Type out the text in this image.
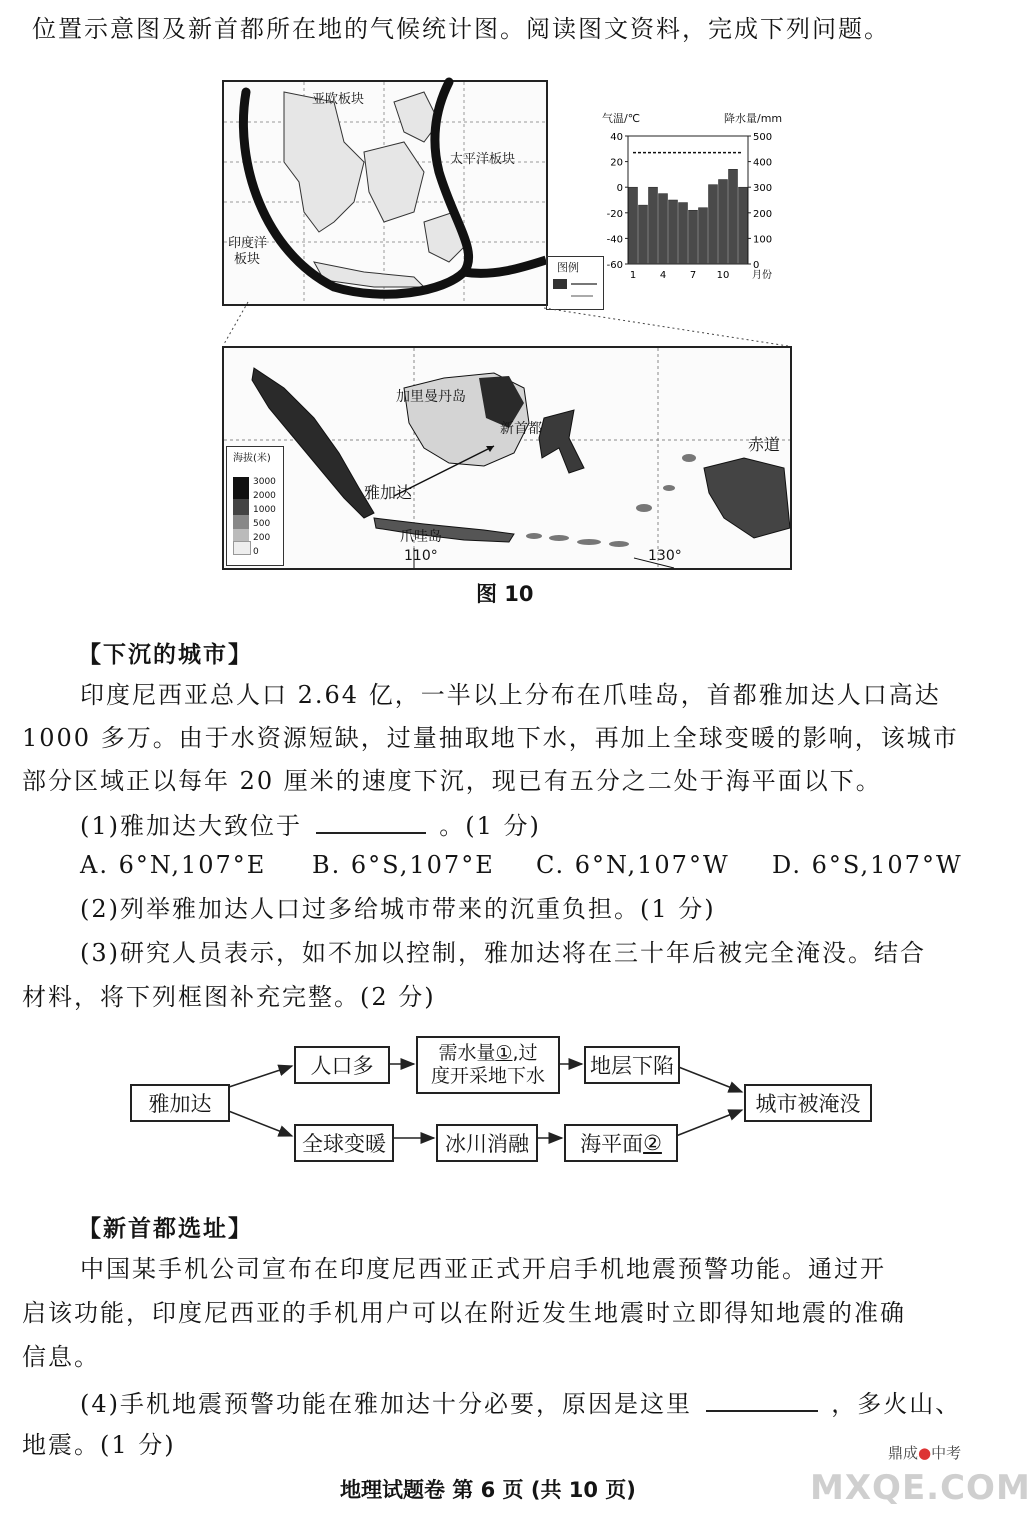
位置示意图及新首都所在地的气候统计图。阅读图文资料，完成下列问题。
亚欧板块
太平洋板块
印度洋
板块
图例
气温/℃	降水量/mm
40
20
0
-20
-40
-60
500
400
300
200
100
0
1 4 7 10 月份
加里曼丹岛
新首都
雅加达
爪哇岛
赤道
110°	130°
海拔(米)
3000
2000
1000
500
200
0
图 10
【下沉的城市】
印度尼西亚总人口 2.64 亿，一半以上分布在爪哇岛，首都雅加达人口高达
1000 多万。由于水资源短缺，过量抽取地下水，再加上全球变暖的影响，该城市
部分区域正以每年 20 厘米的速度下沉，现已有五分之二处于海平面以下。
(1)雅加达大致位于	。(1 分)
A. 6°N,107°E B. 6°S,107°E C. 6°N,107°W D. 6°S,107°W
(2)列举雅加达人口过多给城市带来的沉重负担。(1 分)
(3)研究人员表示，如不加以控制，雅加达将在三十年后被完全淹没。结合
材料，将下列框图补充完整。(2 分)
雅加达
人口多
需水量①,过
度开采地下水 地层下陷
城市被淹没
全球变暖	冰川消融	海平面 ②
【新首都选址】
中国某手机公司宣布在印度尼西亚正式开启手机地震预警功能。通过开
启该功能，印度尼西亚的手机用户可以在附近发生地震时立即得知地震的准确
信息。
(4)手机地震预警功能在雅加达十分必要，原因是这里	，多火山、
地震。(1 分)
MXQE.COM
鼎成●中考
地理试题卷 第 6 页 (共 10 页)
